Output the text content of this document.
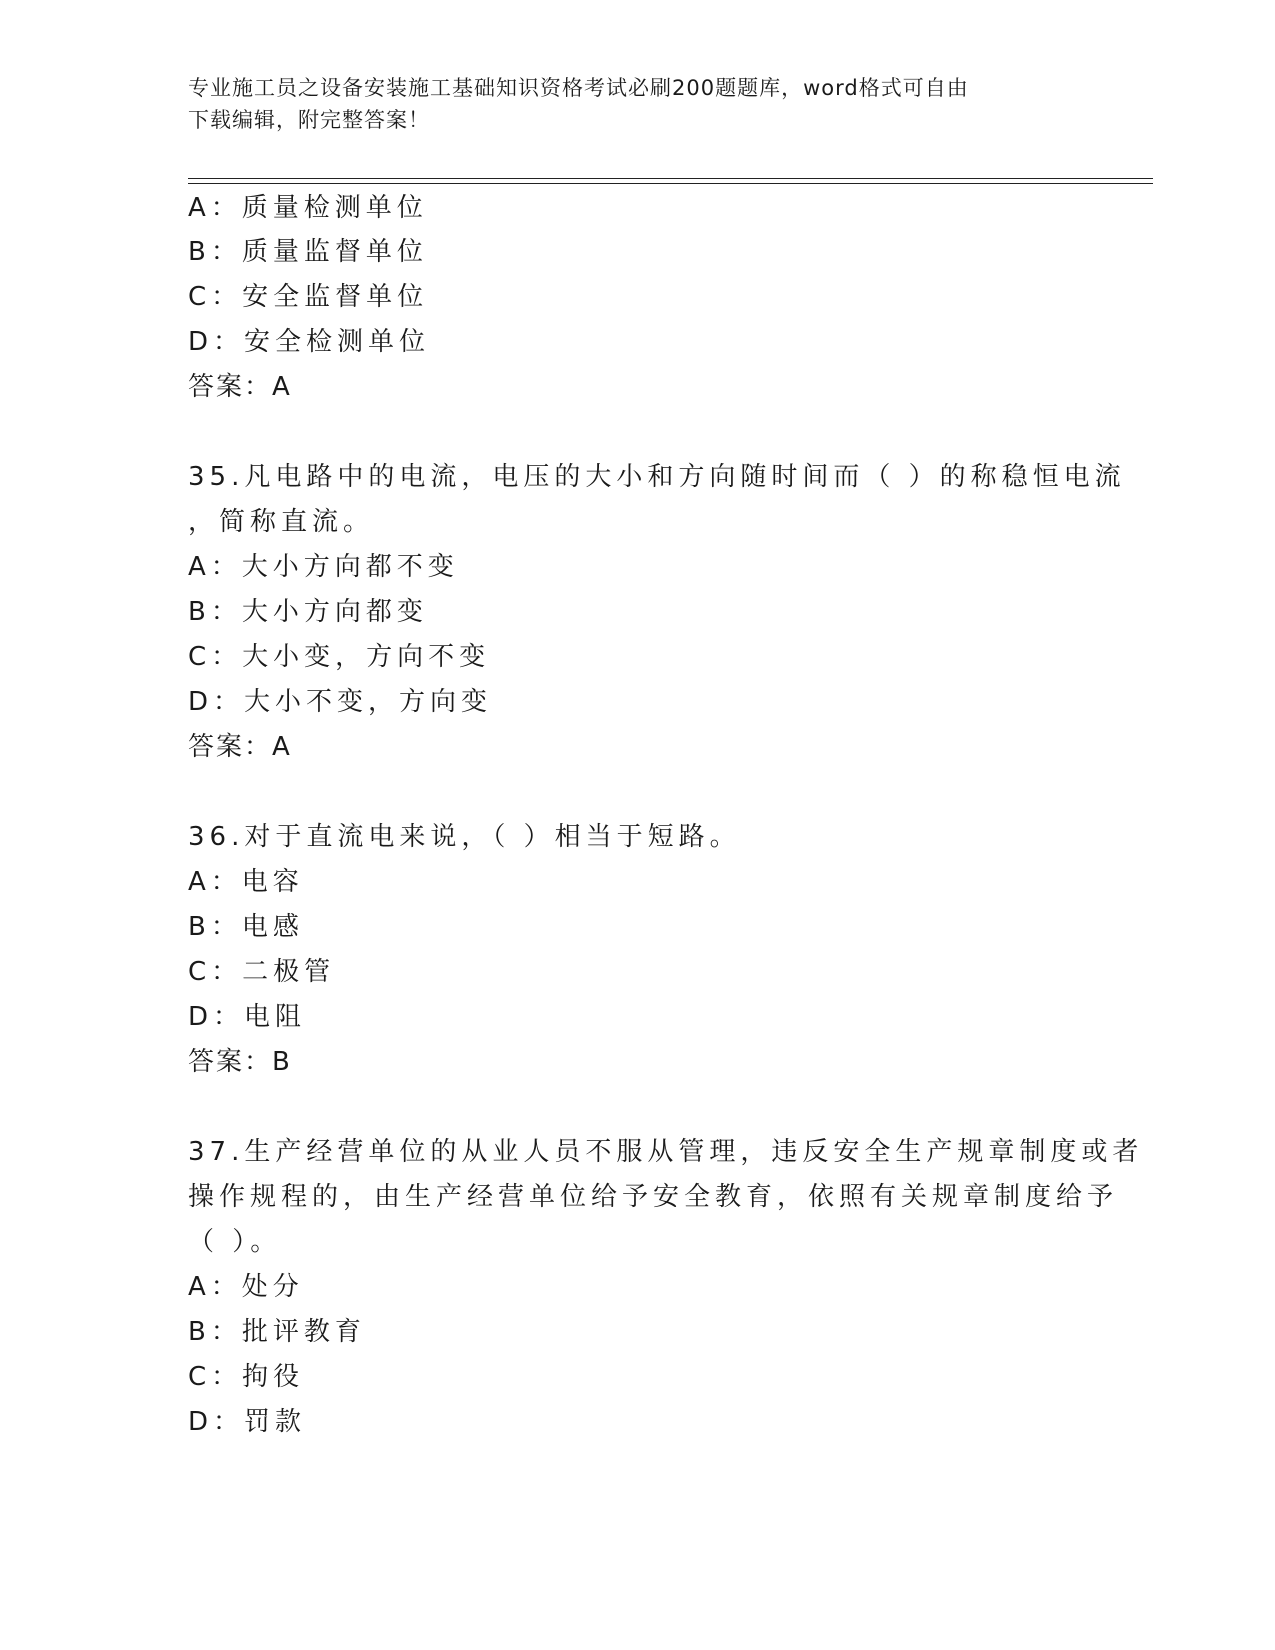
专业施工员之设备安装施工基础知识资格考试必刷200题题库，word格式可自由
下载编辑，附完整答案！
A：质量检测单位
B：质量监督单位
C：安全监督单位
D：安全检测单位
答案：A
35.凡电路中的电流，电压的大小和方向随时间而（ ）的称稳恒电流
，简称直流。
A：大小方向都不变
B：大小方向都变
C：大小变，方向不变
D：大小不变，方向变
答案：A
36.对于直流电来说，（ ）相当于短路。
A：电容
B：电感
C：二极管
D：电阻
答案：B
37.生产经营单位的从业人员不服从管理，违反安全生产规章制度或者
操作规程的，由生产经营单位给予安全教育，依照有关规章制度给予
（ ）。
A：处分
B：批评教育
C：拘役
D：罚款
